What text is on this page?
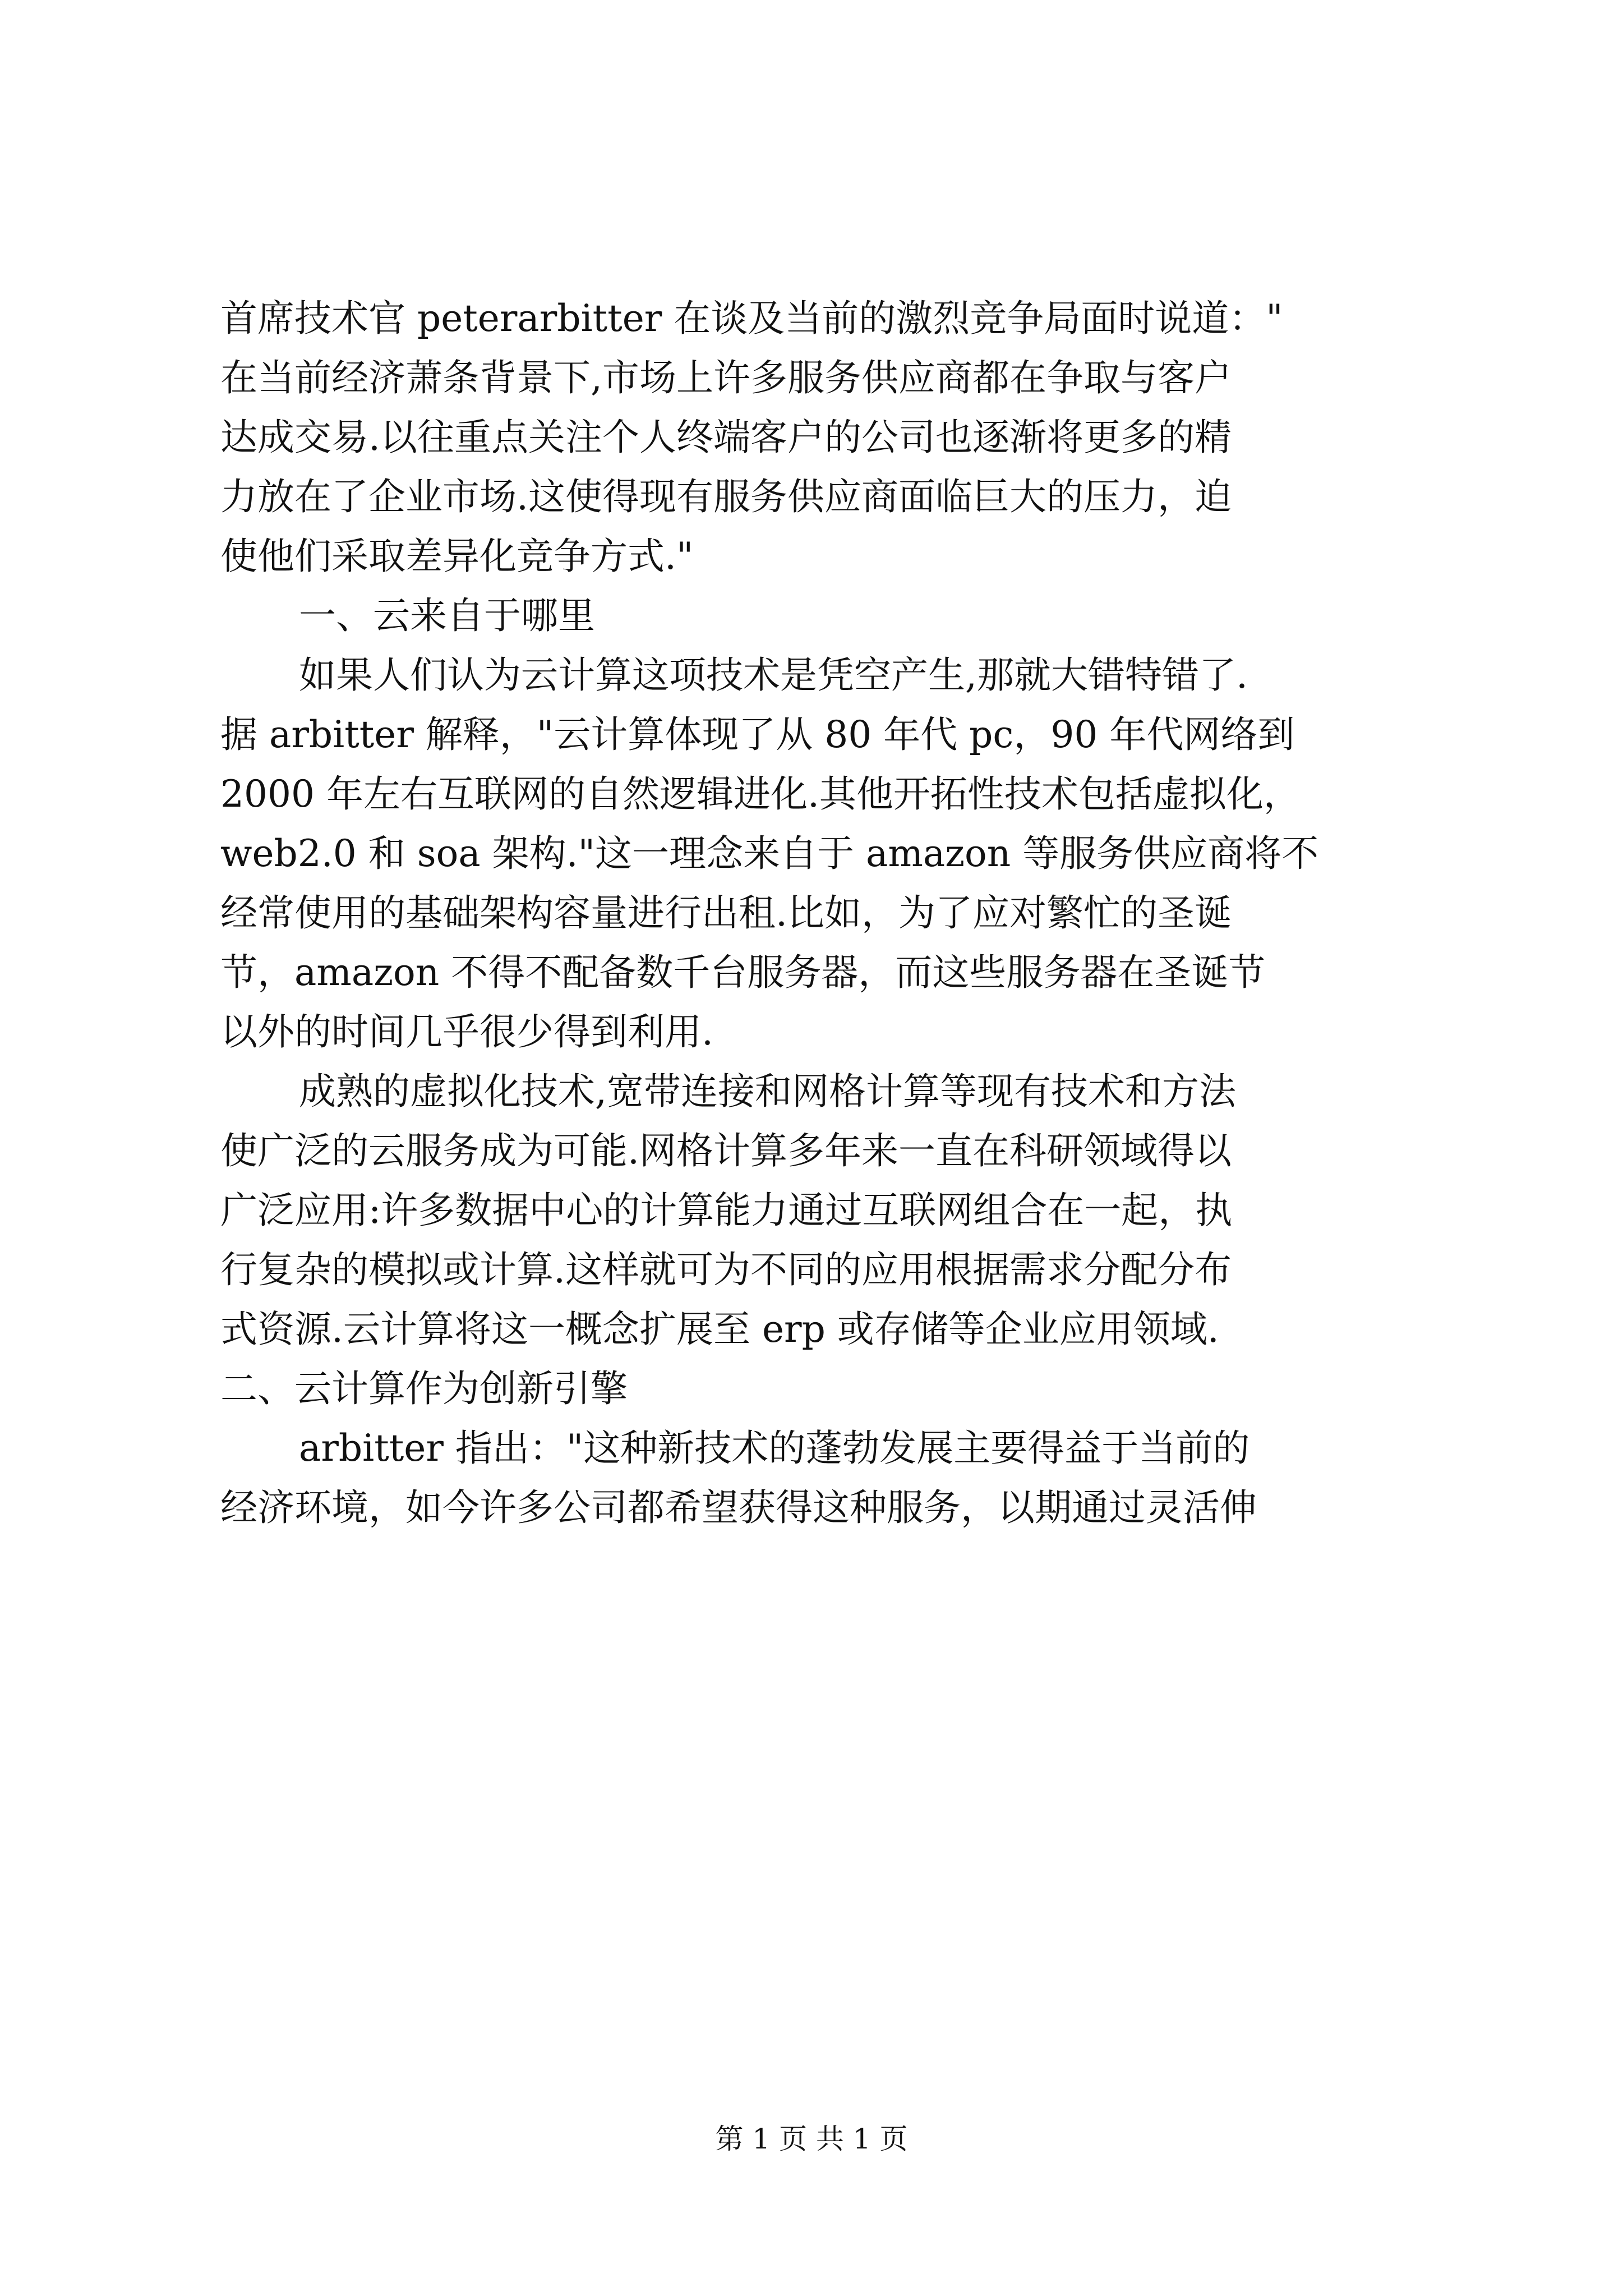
首席技术官 peterarbitter 在谈及当前的激烈竞争局面时说道："
在当前经济萧条背景下,市场上许多服务供应商都在争取与客户
达成交易.以往重点关注个人终端客户的公司也逐渐将更多的精
力放在了企业市场.这使得现有服务供应商面临巨大的压力，迫
使他们采取差异化竞争方式."
一、云来自于哪里
如果人们认为云计算这项技术是凭空产生,那就大错特错了.
据 arbitter 解释，"云计算体现了从 80 年代 pc，90 年代网络到
2000 年左右互联网的自然逻辑进化.其他开拓性技术包括虚拟化，
web2.0 和 soa 架构."这一理念来自于 amazon 等服务供应商将不
经常使用的基础架构容量进行出租.比如，为了应对繁忙的圣诞
节，amazon 不得不配备数千台服务器，而这些服务器在圣诞节
以外的时间几乎很少得到利用.
成熟的虚拟化技术,宽带连接和网格计算等现有技术和方法
使广泛的云服务成为可能.网格计算多年来一直在科研领域得以
广泛应用:许多数据中心的计算能力通过互联网组合在一起，执
行复杂的模拟或计算.这样就可为不同的应用根据需求分配分布
式资源.云计算将这一概念扩展至 erp 或存储等企业应用领域.
二、云计算作为创新引擎
arbitter 指出："这种新技术的蓬勃发展主要得益于当前的
经济环境，如今许多公司都希望获得这种服务，以期通过灵活伸
第 1 页 共 1 页
